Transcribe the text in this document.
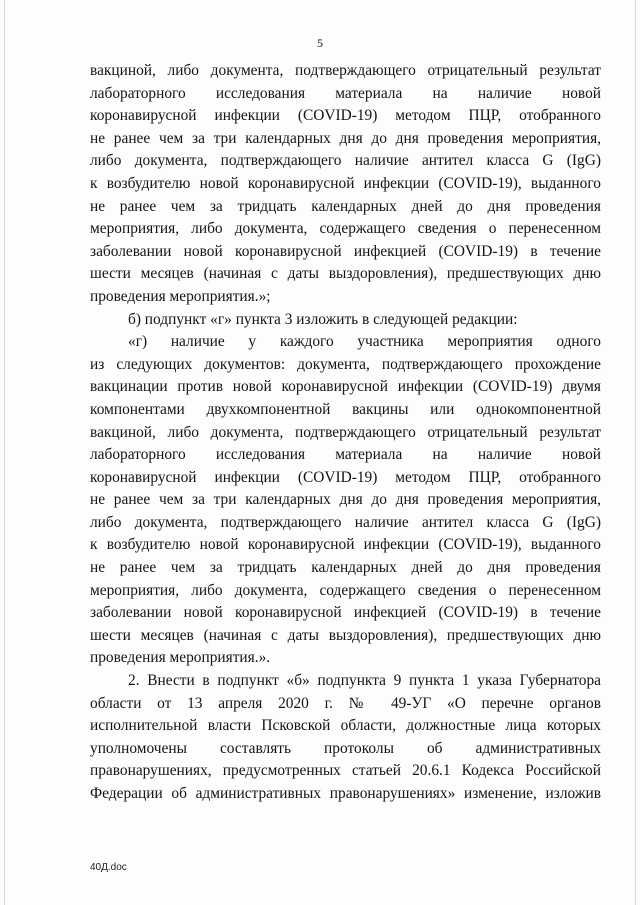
5
вакциной, либо документа, подтверждающего отрицательный результат
лабораторного исследования материала на наличие новой
коронавирусной инфекции (COVID-19) методом ПЦР, отобранного
не ранее чем за три календарных дня до дня проведения мероприятия,
либо документа, подтверждающего наличие антител класса G (IgG)
к возбудителю новой коронавирусной инфекции (COVID-19), выданного
не ранее чем за тридцать календарных дней до дня проведения
мероприятия, либо документа, содержащего сведения о перенесенном
заболевании новой коронавирусной инфекцией (COVID-19) в течение
шести месяцев (начиная с даты выздоровления), предшествующих дню
проведения мероприятия.»;
б) подпункт «г» пункта 3 изложить в следующей редакции:
«г) наличие у каждого участника мероприятия одного
из следующих документов: документа, подтверждающего прохождение
вакцинации против новой коронавирусной инфекции (COVID-19) двумя
компонентами двухкомпонентной вакцины или однокомпонентной
вакциной, либо документа, подтверждающего отрицательный результат
лабораторного исследования материала на наличие новой
коронавирусной инфекции (COVID-19) методом ПЦР, отобранного
не ранее чем за три календарных дня до дня проведения мероприятия,
либо документа, подтверждающего наличие антител класса G (IgG)
к возбудителю новой коронавирусной инфекции (COVID-19), выданного
не ранее чем за тридцать календарных дней до дня проведения
мероприятия, либо документа, содержащего сведения о перенесенном
заболевании новой коронавирусной инфекцией (COVID-19) в течение
шести месяцев (начиная с даты выздоровления), предшествующих дню
проведения мероприятия.».
2. Внести в подпункт «б» подпункта 9 пункта 1 указа Губернатора
области от 13 апреля 2020 г. № 49-УГ «О перечне органов
исполнительной власти Псковской области, должностные лица которых
уполномочены составлять протоколы об административных
правонарушениях, предусмотренных статьей 20.6.1 Кодекса Российской
Федерации об административных правонарушениях» изменение, изложив
40Д.doc
